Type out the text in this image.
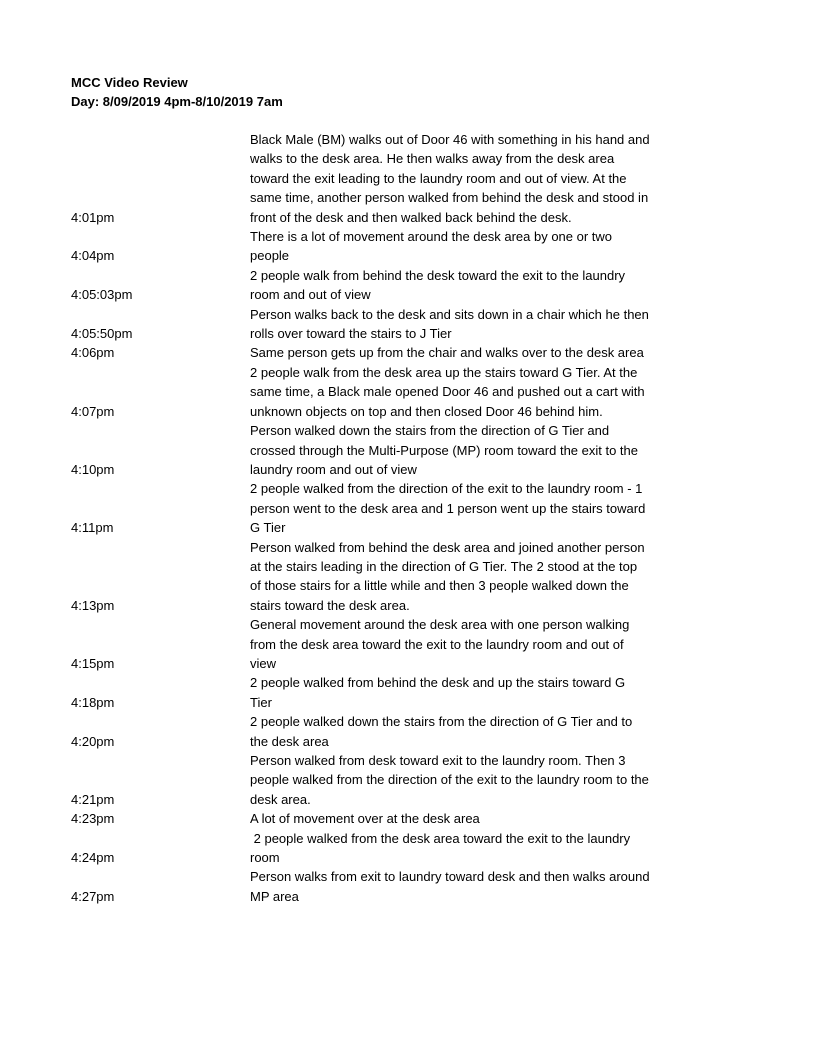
MCC Video Review
Day: 8/09/2019 4pm-8/10/2019 7am
4:01pm
Black Male (BM) walks out of Door 46 with something in his hand and walks to the desk area. He then walks away from the desk area toward the exit leading to the laundry room and out of view. At the same time, another person walked from behind the desk and stood in front of the desk and then walked back behind the desk.
4:04pm
There is a lot of movement around the desk area by one or two people
4:05:03pm
2 people walk from behind the desk toward the exit to the laundry room and out of view
4:05:50pm
Person walks back to the desk and sits down in a chair which he then rolls over toward the stairs to J Tier
4:06pm	Same person gets up from the chair and walks over to the desk area
4:07pm
2 people walk from the desk area up the stairs toward G Tier. At the same time, a Black male opened Door 46 and pushed out a cart with unknown objects on top and then closed Door 46 behind him.
4:10pm
Person walked down the stairs from the direction of G Tier and crossed through the Multi-Purpose (MP) room toward the exit to the laundry room and out of view
4:11pm
2 people walked from the direction of the exit to the laundry room - 1 person went to the desk area and 1 person went up the stairs toward G Tier
4:13pm
Person walked from behind the desk area and joined another person at the stairs leading in the direction of G Tier. The 2 stood at the top of those stairs for a little while and then 3 people walked down the stairs toward the desk area.
4:15pm
General movement around the desk area with one person walking from the desk area toward the exit to the laundry room and out of view
4:18pm
2 people walked from behind the desk and up the stairs toward G Tier
4:20pm
2 people walked down the stairs from the direction of G Tier and to the desk area
4:21pm
Person walked from desk toward exit to the laundry room. Then 3 people walked from the direction of the exit to the laundry room to the desk area.
4:23pm	A lot of movement over at the desk area
4:24pm
2 people walked from the desk area toward the exit to the laundry room
4:27pm
Person walks from exit to laundry toward desk and then walks around MP area
